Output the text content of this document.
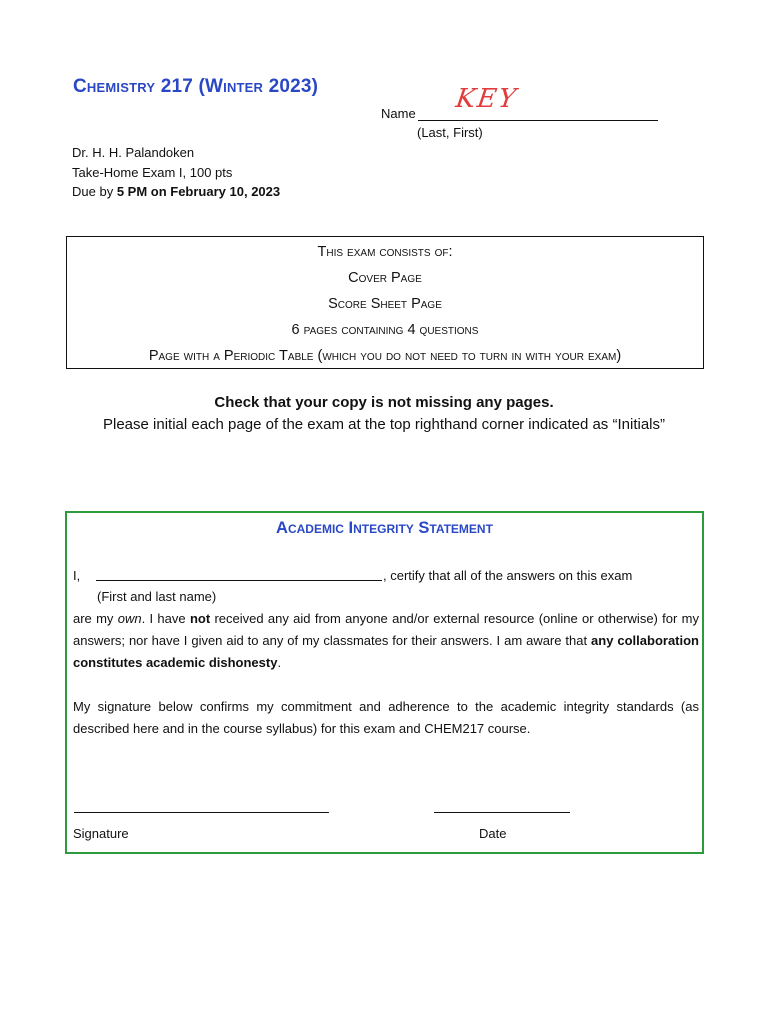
Chemistry 217 (Winter 2023)
Name KEY
(Last, First)
Dr. H. H. Palandoken
Take-Home Exam I, 100 pts
Due by 5 PM on February 10, 2023
This exam consists of:
Cover Page
Score Sheet Page
6 pages containing 4 questions
Page with a Periodic Table (which you do not need to turn in with your exam)
Check that your copy is not missing any pages.
Please initial each page of the exam at the top righthand corner indicated as “Initials”
Academic Integrity Statement
I,	, certify that all of the answers on this exam
(First and last name)
are my own. I have not received any aid from anyone and/or external resource (online or otherwise) for my answers; nor have I given aid to any of my classmates for their answers. I am aware that any collaboration constitutes academic dishonesty.
My signature below confirms my commitment and adherence to the academic integrity standards (as described here and in the course syllabus) for this exam and CHEM217 course.
Signature	Date
